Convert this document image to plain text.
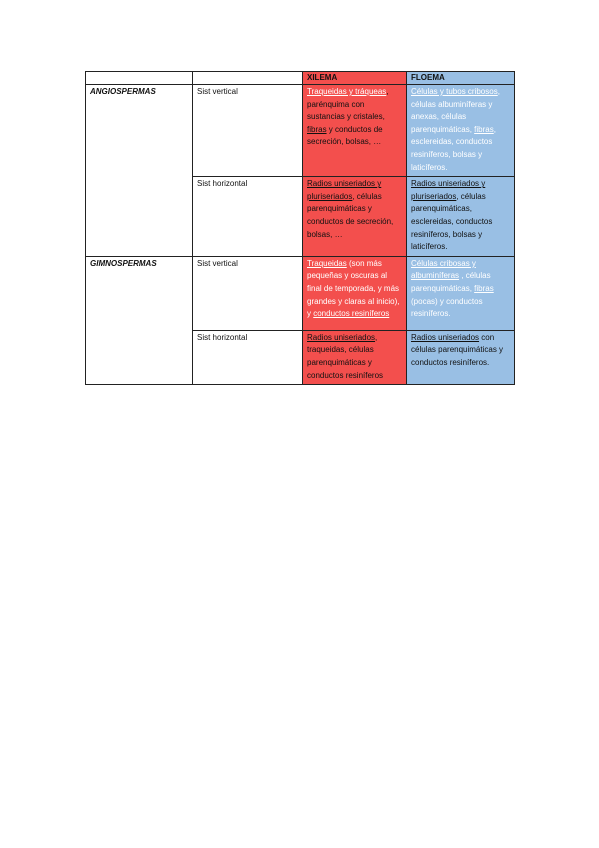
		XILEMA	FLOEMA
ANGIOSPERMAS	Sist vertical	Traqueidas y tráqueas, parénquima con sustancias y cristales, fibras y conductos de secreción, bolsas, …	Células y tubos cribosos, células albuminíferas y anexas, células parenquimáticas, fibras, esclereidas, conductos resiníferos, bolsas y laticíferos.
	Sist horizontal	Radios uniseriados y pluriseriados, células parenquimáticas y conductos de secreción, bolsas, …	Radios uniseriados y pluriseriados, células parenquimáticas, esclereidas, conductos resiníferos, bolsas y laticíferos.
GIMNOSPERMAS	Sist vertical	Traqueidas (son más pequeñas y oscuras al final de temporada, y más grandes y claras al inicio), y conductos resiníferos	Células cribosas y albuminíferas , células parenquimáticas, fibras (pocas) y conductos resiníferos.
	Sist horizontal	Radios uniseriados, traqueidas, células parenquimáticas y conductos resiníferos	Radios uniseriados con células parenquimáticas y conductos resiníferos.
